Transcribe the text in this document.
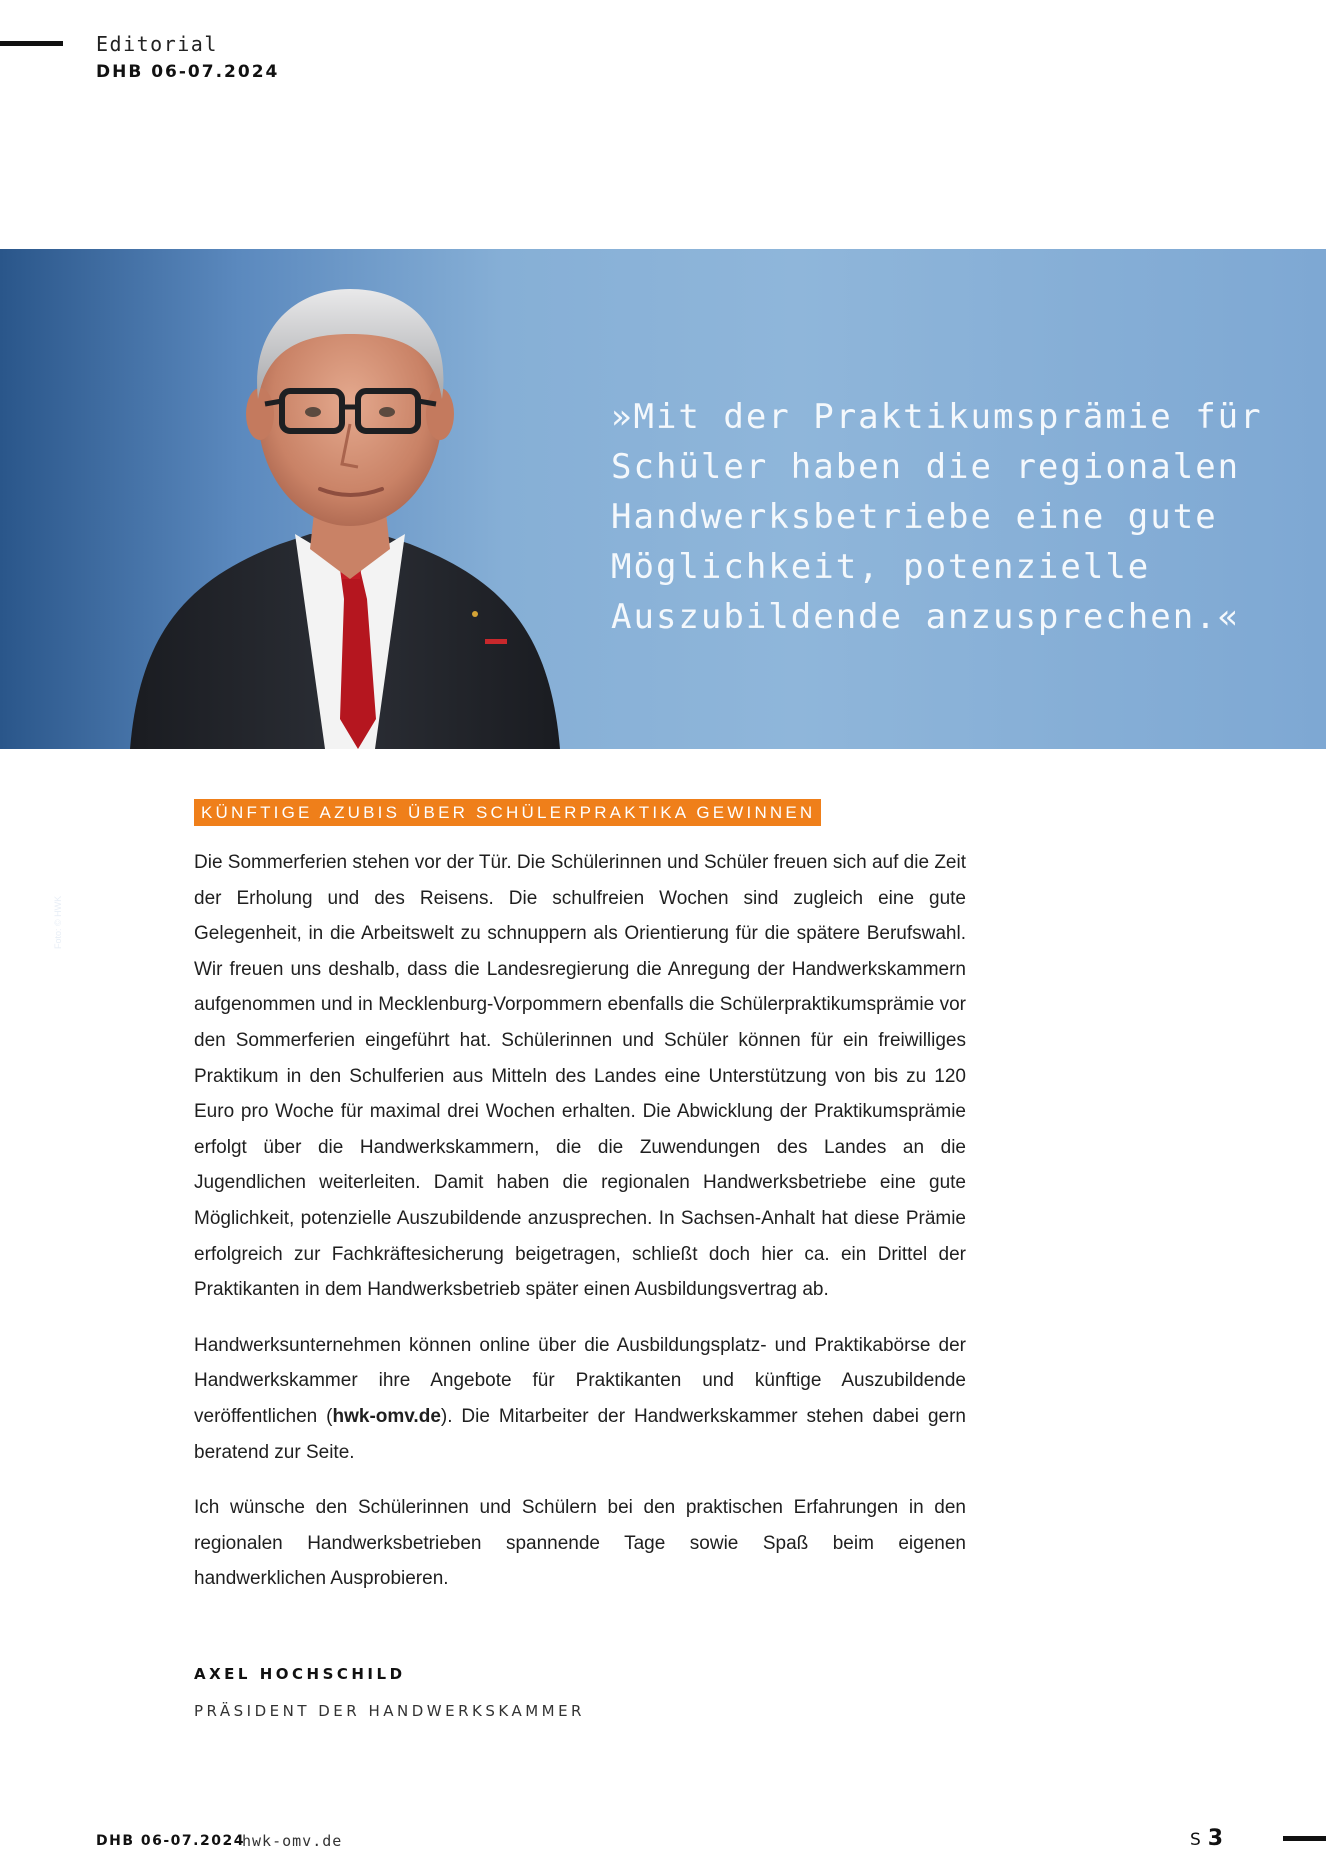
Editorial
DHB 06-07.2024
Foto: © HWK

»Mit der Praktikumsprämie für Schüler haben die regionalen Handwerksbetriebe eine gute Möglichkeit, potenzielle Auszubildende anzusprechen.«

KÜNFTIGE AZUBIS ÜBER SCHÜLERPRAKTIKA GEWINNEN

Die Sommerferien stehen vor der Tür. Die Schülerinnen und Schüler freuen sich auf die Zeit der Erholung und des Reisens. Die schulfreien Wochen sind zugleich eine gute Gelegenheit, in die Arbeitswelt zu schnuppern als Orientierung für die spätere Berufswahl. Wir freuen uns deshalb, dass die Landesregierung die Anregung der Handwerkskammern aufgenommen und in Mecklenburg-Vorpommern ebenfalls die Schülerpraktikumsprämie vor den Sommerferien eingeführt hat. Schülerinnen und Schüler können für ein freiwilliges Praktikum in den Schulferien aus Mitteln des Landes eine Unterstützung von bis zu 120 Euro pro Woche für maximal drei Wochen erhalten. Die Abwicklung der Praktikumsprämie erfolgt über die Handwerkskammern, die die Zuwendungen des Landes an die Jugendlichen weiterleiten. Damit haben die regionalen Handwerksbetriebe eine gute Möglichkeit, potenzielle Auszubildende anzusprechen. In Sachsen-Anhalt hat diese Prämie erfolgreich zur Fachkräftesicherung beigetragen, schließt doch hier ca. ein Drittel der Praktikanten in dem Handwerksbetrieb später einen Ausbildungsvertrag ab.

Handwerksunternehmen können online über die Ausbildungsplatz- und Praktikabörse der Handwerkskammer ihre Angebote für Praktikanten und künftige Auszubildende veröffentlichen (hwk-omv.de). Die Mitarbeiter der Handwerkskammer stehen dabei gern beratend zur Seite.

Ich wünsche den Schülerinnen und Schülern bei den praktischen Erfahrungen in den regionalen Handwerksbetrieben spannende Tage sowie Spaß beim eigenen handwerklichen Ausprobieren.

AXEL HOCHSCHILD
PRÄSIDENT DER HANDWERKSKAMMER
DHB 06-07.2024
hwk-omv.de	S 3
